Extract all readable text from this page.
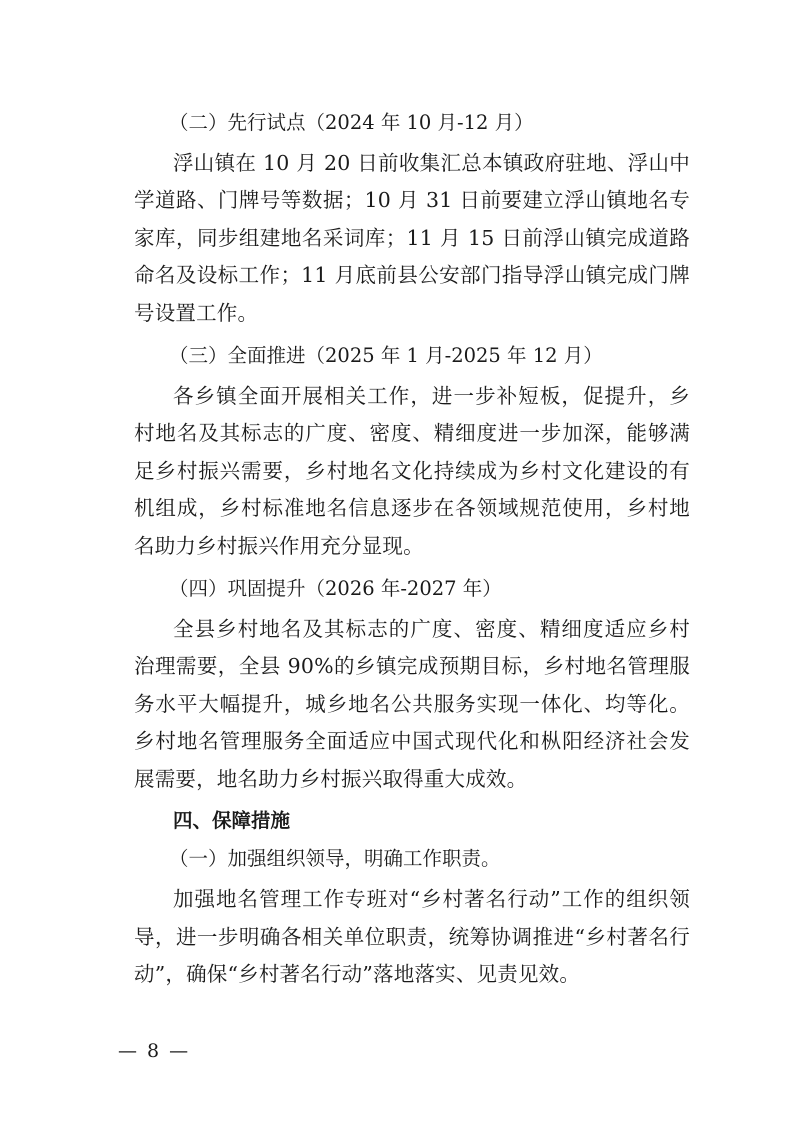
（二）先行试点（2024 年 10 月-12 月）

浮山镇在 10 月 20 日前收集汇总本镇政府驻地、浮山中学道路、门牌号等数据；10 月 31 日前要建立浮山镇地名专家库，同步组建地名采词库；11 月 15 日前浮山镇完成道路命名及设标工作；11 月底前县公安部门指导浮山镇完成门牌号设置工作。

（三）全面推进（2025 年 1 月-2025 年 12 月）

各乡镇全面开展相关工作，进一步补短板，促提升，乡村地名及其标志的广度、密度、精细度进一步加深，能够满足乡村振兴需要，乡村地名文化持续成为乡村文化建设的有机组成，乡村标准地名信息逐步在各领域规范使用，乡村地名助力乡村振兴作用充分显现。

（四）巩固提升（2026 年-2027 年）

全县乡村地名及其标志的广度、密度、精细度适应乡村治理需要，全县 90%的乡镇完成预期目标，乡村地名管理服务水平大幅提升，城乡地名公共服务实现一体化、均等化。乡村地名管理服务全面适应中国式现代化和枞阳经济社会发展需要，地名助力乡村振兴取得重大成效。

四、保障措施

（一）加强组织领导，明确工作职责。

加强地名管理工作专班对“乡村著名行动”工作的组织领导，进一步明确各相关单位职责，统筹协调推进“乡村著名行动”，确保“乡村著名行动”落地落实、见责见效。

— 8 —
